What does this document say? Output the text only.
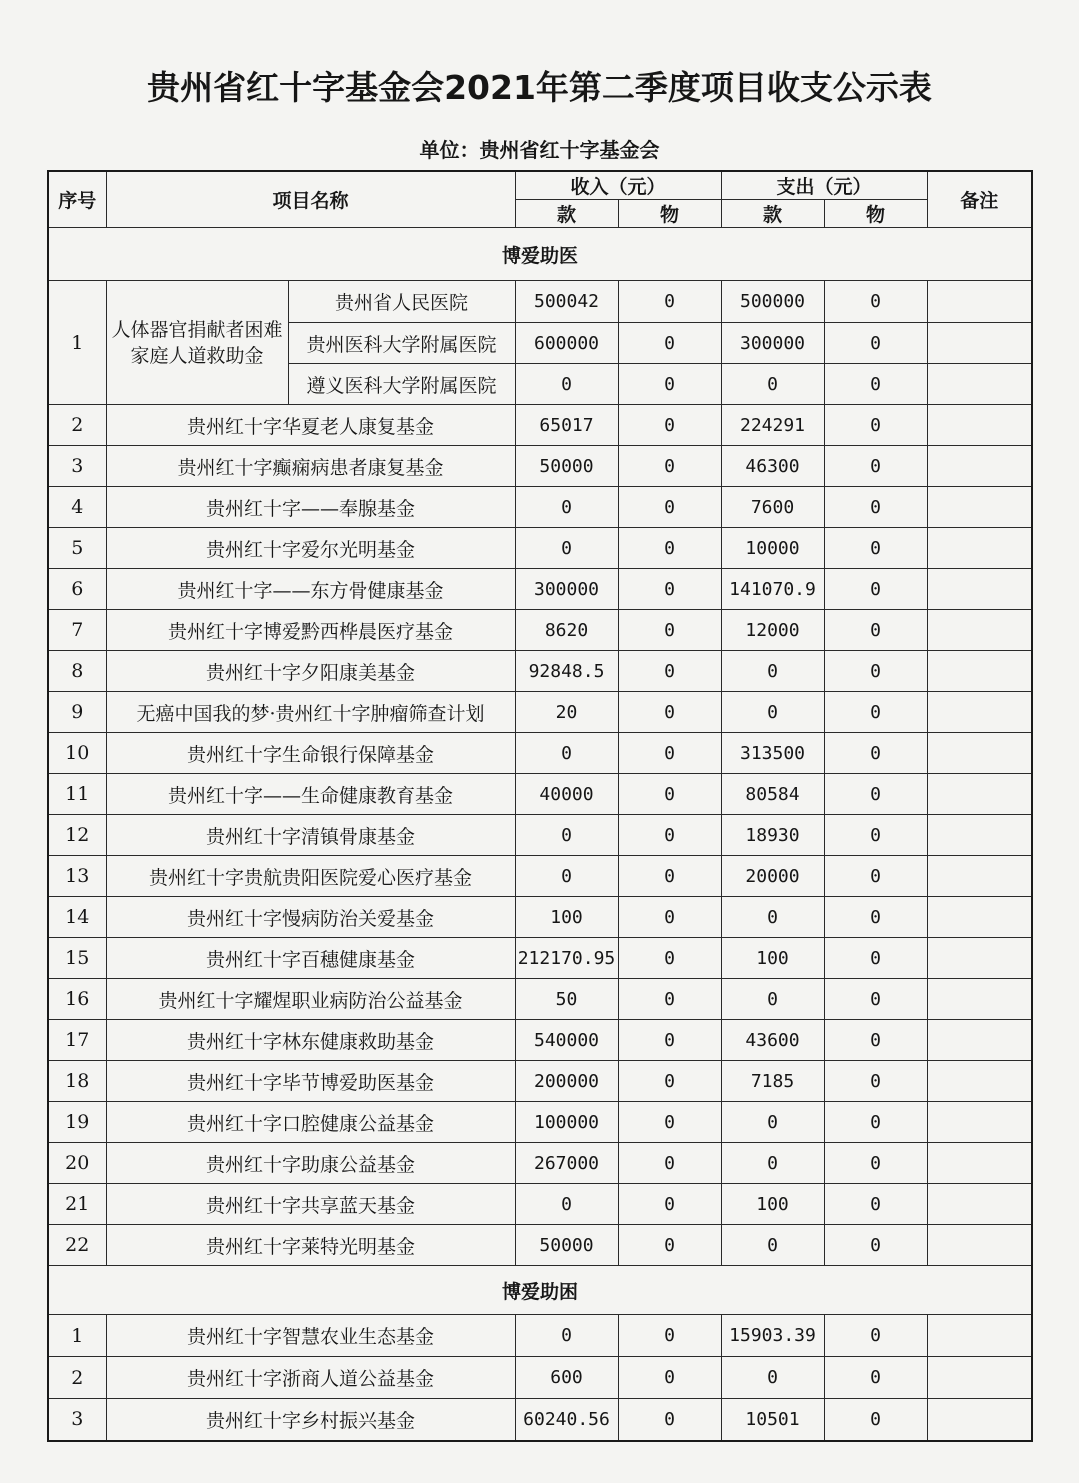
贵州省红十字基金会2021年第二季度项目收支公示表
单位：贵州省红十字基金会
序号	项目名称		收入（元）		支出（元）		备注
			款	物	款	物	
博爱助医							
1	人体器官捐献者困难家庭人道救助金	贵州省人民医院	500042	0	500000	0	
		贵州医科大学附属医院	600000	0	300000	0	
		遵义医科大学附属医院	0	0	0	0	
2	贵州红十字华夏老人康复基金		65017	0	224291	0	
3	贵州红十字癫痫病患者康复基金		50000	0	46300	0	
4	贵州红十字——奉腺基金		0	0	7600	0	
5	贵州红十字爱尔光明基金		0	0	10000	0	
6	贵州红十字——东方骨健康基金		300000	0	141070.9	0	
7	贵州红十字博爱黔西桦晨医疗基金		8620	0	12000	0	
8	贵州红十字夕阳康美基金		92848.5	0	0	0	
9	无癌中国我的梦·贵州红十字肿瘤筛查计划		20	0	0	0	
10	贵州红十字生命银行保障基金		0	0	313500	0	
11	贵州红十字——生命健康教育基金		40000	0	80584	0	
12	贵州红十字清镇骨康基金		0	0	18930	0	
13	贵州红十字贵航贵阳医院爱心医疗基金		0	0	20000	0	
14	贵州红十字慢病防治关爱基金		100	0	0	0	
15	贵州红十字百穗健康基金		212170.95	0	100	0	
16	贵州红十字耀煋职业病防治公益基金		50	0	0	0	
17	贵州红十字林东健康救助基金		540000	0	43600	0	
18	贵州红十字毕节博爱助医基金		200000	0	7185	0	
19	贵州红十字口腔健康公益基金		100000	0	0	0	
20	贵州红十字助康公益基金		267000	0	0	0	
21	贵州红十字共享蓝天基金		0	0	100	0	
22	贵州红十字莱特光明基金		50000	0	0	0	
博爱助困							
1	贵州红十字智慧农业生态基金		0	0	15903.39	0	
2	贵州红十字浙商人道公益基金		600	0	0	0	
3	贵州红十字乡村振兴基金		60240.56	0	10501	0	
